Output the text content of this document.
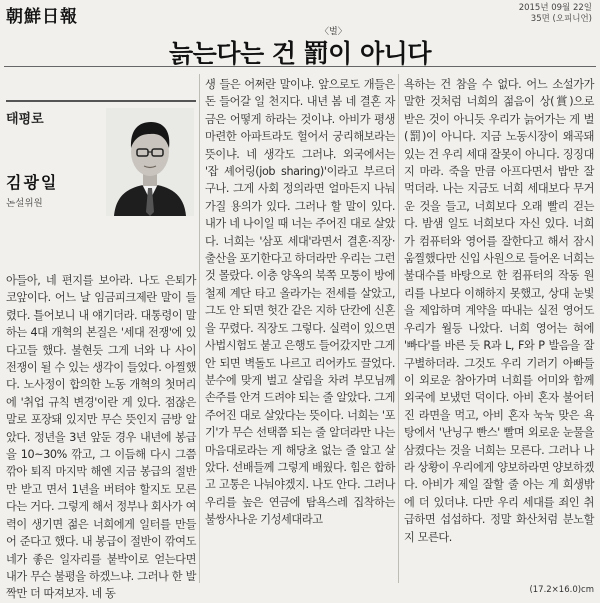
朝鮮日報	2015년 09월 22일
35면 (오피니언)
〈벌〉
늙는다는 건 罰이 아니다

아들아, 네 편지를 보아라. 나도 은퇴가 코앞이다. 어느 날 임금피크제란 말이 들렸다. 틀어보니 내 얘기더라. 대통령이 말하는 4대 개혁의 본질은 '세대 전쟁'에 있다고들 했다. 불현듯 그게 너와 나 사이 전쟁이 될 수 있는 생각이 들었다. 아찔했다. 노사정이 합의한 노동 개혁의 첫머리에 '취업 규칙 변경'이란 게 있다. 점잖은 말로 포장돼 있지만 무슨 뜻인지 금방 알았다. 정년을 3년 앞둔 경우 내년에 봉급을 10~30% 깎고, 그 이듬해 다시 그쯤 깎아 퇴직 마지막 해엔 지금 봉급의 절반만 받고 면서 1년을 버텨야 할지도 모른다는 거다. 그렇게 해서 정부나 회사가 여력이 생기면 젊은 너희에게 일터를 만들어 준다고 했다. 내 봉급이 절반이 깎여도 네가 좋은 일자리를 붙박이로 얻는다면 내가 무슨 불평을 하겠느냐. 그러나 한 발짝만 더 따져보자. 네 동

생 들은 어쩌란 말이냐. 앞으로도 개들은 돈 들어갈 일 천지다. 내년 봄 네 결혼 자금은 어떻게 하라는 것이냐. 아비가 평생 마련한 아파트라도 헐어서 궁리해보라는 뜻이냐. 네 생각도 그러냐. 외국에서는 '잡 셰어링(job sharing)'이라고 부르더구나. 그게 사회 정의라면 얼마든지 나눠 가질 용의가 있다. 그러나 할 말이 있다. 내가 네 나이일 때 너는 주어진 대로 살았다. 너희는 '삼포 세대'라면서 결혼·직장·출산을 포기한다고 하더라만 우리는 그런 것 몰랐다. 이층 양옥의 북쪽 모퉁이 방에 철제 계단 타고 올라가는 전세를 살았고, 그도 안 되면 헛간 같은 지하 단칸에 신혼을 꾸렸다. 직장도 그렇다. 실력이 있으면 사법시험도 붙고 은행도 들어갔지만 그게 안 되면 벽돌도 나르고 리어카도 끌었다. 분수에 맞게 벌고 살림을 차려 부모님께 손주를 안겨 드려야 되는 줄 알았다. 그게 주어진 대로 살았다는 뜻이다. 너희는 '포기'가 무슨 선택쯤 되는 줄 알더라만 나는 마음대로라는 게 해당초 없는 줄 알고 살았다. 선배들께 그렇게 배웠다. 힘은 합하고 고통은 나눠야겠지. 나도 안다. 그러나 우리를 높은 연금에 탐욕스레 집착하는 불쌍사나운 기성세대라고

욕하는 건 참을 수 없다. 어느 소설가가 말한 것처럼 너희의 젊음이 상(賞)으로 받은 것이 아니듯 우리가 늙어가는 게 벌(罰)이 아니다. 지금 노동시장이 왜곡돼 있는 건 우리 세대 잘못이 아니다. 징징대지 마라. 죽을 만큼 아프다면서 밥만 잘 먹더라. 나는 지금도 너희 세대보다 무거운 것을 들고, 너희보다 오래 빨리 걷는다. 밤샘 일도 너희보다 자신 있다. 너희가 컴퓨터와 영어를 잘한다고 해서 잠시 움찔했다만 신입 사원으로 들어온 너희는 불대수를 바탕으로 한 컴퓨터의 작동 원리를 나보다 이해하지 못했고, 상대 눈빛을 제압하며 계약을 따내는 실전 영어도 우리가 월등 나았다. 너희 영어는 혀에 '빠다'를 바른 듯 R과 L, F와 P 발음을 잘 구별하더라. 그것도 우리 기러기 아빠들이 외로운 참아가며 너희를 어미와 함께 외국에 보냈던 덕이다. 아비 혼자 불어터진 라면을 먹고, 아비 혼자 눅눅 맞은 욕탕에서 '난닝구 빤스' 빨며 외로운 눈물을 삼켰다는 것을 너희는 모른다. 그러나 나라 상황이 우리에게 양보하라면 양보하겠다. 아비가 제일 잘할 줄 아는 게 희생밖에 더 있더냐. 다만 우리 세대를 죄인 취급하면 섭섭하다. 정말 화산처럼 분노할지 모른다.

태평로
김광일
논설위원
(17.2×16.0)cm
